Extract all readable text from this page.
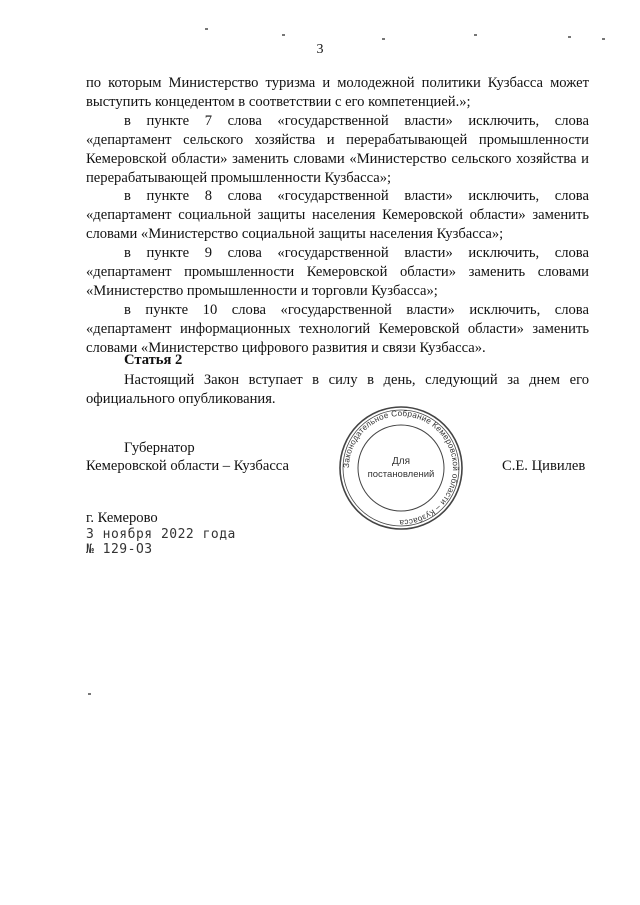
3

по которым Министерство туризма и молодежной политики Кузбасса может выступить концедентом в соответствии с его компетенцией.»;

в пункте 7 слова «государственной власти» исключить, слова «департамент сельского хозяйства и перерабатывающей промышленности Кемеровской области» заменить словами «Министерство сельского хозяйства и перерабатывающей промышленности Кузбасса»;

в пункте 8 слова «государственной власти» исключить, слова «департамент социальной защиты населения Кемеровской области» заменить словами «Министерство социальной защиты населения Кузбасса»;

в пункте 9 слова «государственной власти» исключить, слова «департамент промышленности Кемеровской области» заменить словами «Министерство промышленности и торговли Кузбасса»;

в пункте 10 слова «государственной власти» исключить, слова «департамент информационных технологий Кемеровской области» заменить словами «Министерство цифрового развития и связи Кузбасса».

Статья 2

Настоящий Закон вступает в силу в день, следующий за днем его официального опубликования.

Губернатор
Кемеровской области – Кузбасса	С.Е. Цивилев
Законодательное Собрание Кемеровской области – Кузбасса
Для
постановлений
г. Кемерово
3 ноября 2022 года
№ 129-ОЗ
